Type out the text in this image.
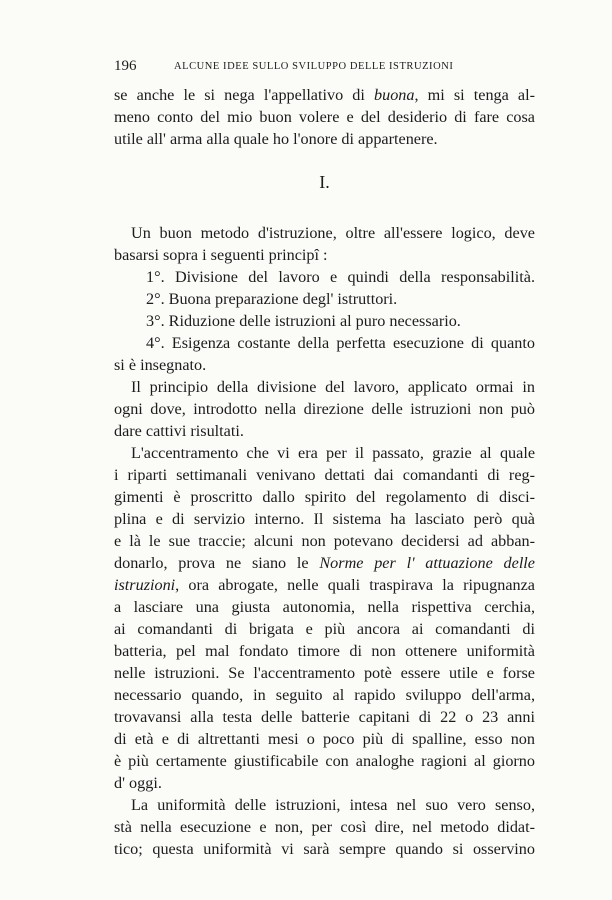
196	ALCUNE IDEE SULLO SVILUPPO DELLE ISTRUZIONI
se anche le si nega l'appellativo di buona, mi si tenga al-
meno conto del mio buon volere e del desiderio di fare cosa
utile all' arma alla quale ho l'onore di appartenere.
I.
Un buon metodo d'istruzione, oltre all'essere logico, deve
basarsi sopra i seguenti principî :
1°. Divisione del lavoro e quindi della responsabilità.
2°. Buona preparazione degl' istruttori.
3°. Riduzione delle istruzioni al puro necessario.
4°. Esigenza costante della perfetta esecuzione di quanto
si è insegnato.
Il principio della divisione del lavoro, applicato ormai in
ogni dove, introdotto nella direzione delle istruzioni non può
dare cattivi risultati.
L'accentramento che vi era per il passato, grazie al quale
i riparti settimanali venivano dettati dai comandanti di reg-
gimenti è proscritto dallo spirito del regolamento di disci-
plina e di servizio interno. Il sistema ha lasciato però quà
e là le sue traccie; alcuni non potevano decidersi ad abban-
donarlo, prova ne siano le Norme per l' attuazione delle
istruzioni, ora abrogate, nelle quali traspirava la ripugnanza
a lasciare una giusta autonomia, nella rispettiva cerchia,
ai comandanti di brigata e più ancora ai comandanti di
batteria, pel mal fondato timore di non ottenere uniformità
nelle istruzioni. Se l'accentramento potè essere utile e forse
necessario quando, in seguito al rapido sviluppo dell'arma,
trovavansi alla testa delle batterie capitani di 22 o 23 anni
di età e di altrettanti mesi o poco più di spalline, esso non
è più certamente giustificabile con analoghe ragioni al giorno
d' oggi.
La uniformità delle istruzioni, intesa nel suo vero senso,
stà nella esecuzione e non, per così dire, nel metodo didat-
tico; questa uniformità vi sarà sempre quando si osservino
